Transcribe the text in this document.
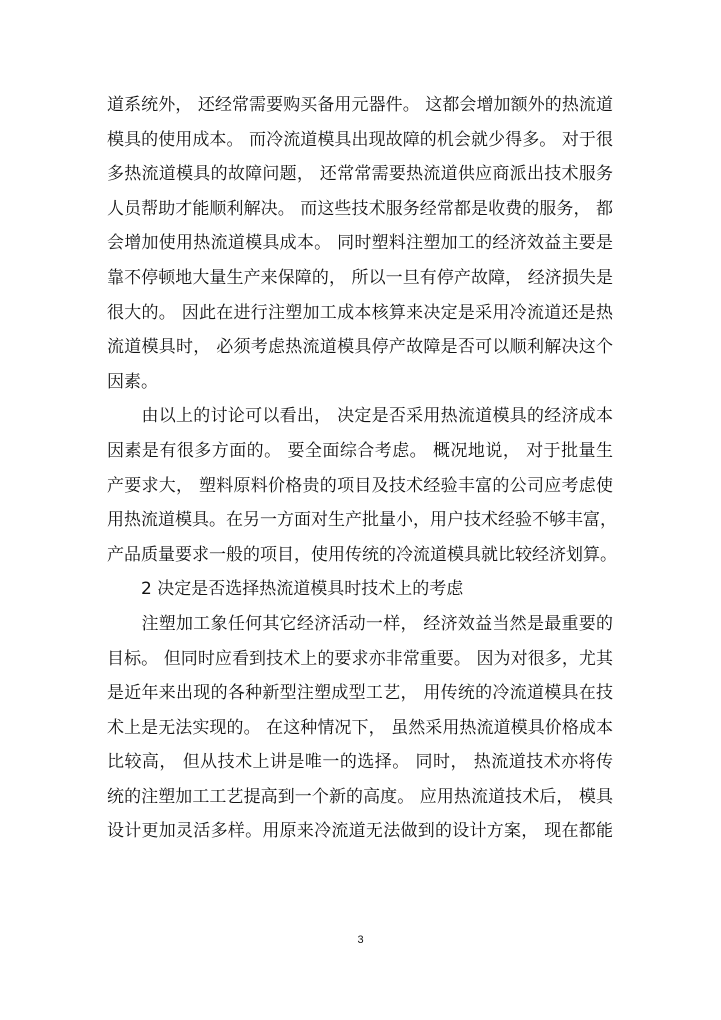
道系统外， 还经常需要购买备用元器件。 这都会增加额外的热流道
模具的使用成本。 而冷流道模具出现故障的机会就少得多。 对于很
多热流道模具的故障问题， 还常常需要热流道供应商派出技术服务
人员帮助才能顺利解决。 而这些技术服务经常都是收费的服务， 都
会增加使用热流道模具成本。 同时塑料注塑加工的经济效益主要是
靠不停顿地大量生产来保障的， 所以一旦有停产故障， 经济损失是
很大的。 因此在进行注塑加工成本核算来决定是采用冷流道还是热
流道模具时， 必须考虑热流道模具停产故障是否可以顺利解决这个
因素。
　　由以上的讨论可以看出， 决定是否采用热流道模具的经济成本
因素是有很多方面的。 要全面综合考虑。 概况地说， 对于批量生
产要求大， 塑料原料价格贵的项目及技术经验丰富的公司应考虑使
用热流道模具。在另一方面对生产批量小，用户技术经验不够丰富，
产品质量要求一般的项目，使用传统的冷流道模具就比较经济划算。
　　2 决定是否选择热流道模具时技术上的考虑
　　注塑加工象任何其它经济活动一样， 经济效益当然是最重要的
目标。 但同时应看到技术上的要求亦非常重要。 因为对很多，尤其
是近年来出现的各种新型注塑成型工艺， 用传统的冷流道模具在技
术上是无法实现的。 在这种情况下， 虽然采用热流道模具价格成本
比较高， 但从技术上讲是唯一的选择。 同时， 热流道技术亦将传
统的注塑加工工艺提高到一个新的高度。 应用热流道技术后， 模具
设计更加灵活多样。用原来冷流道无法做到的设计方案， 现在都能
3
